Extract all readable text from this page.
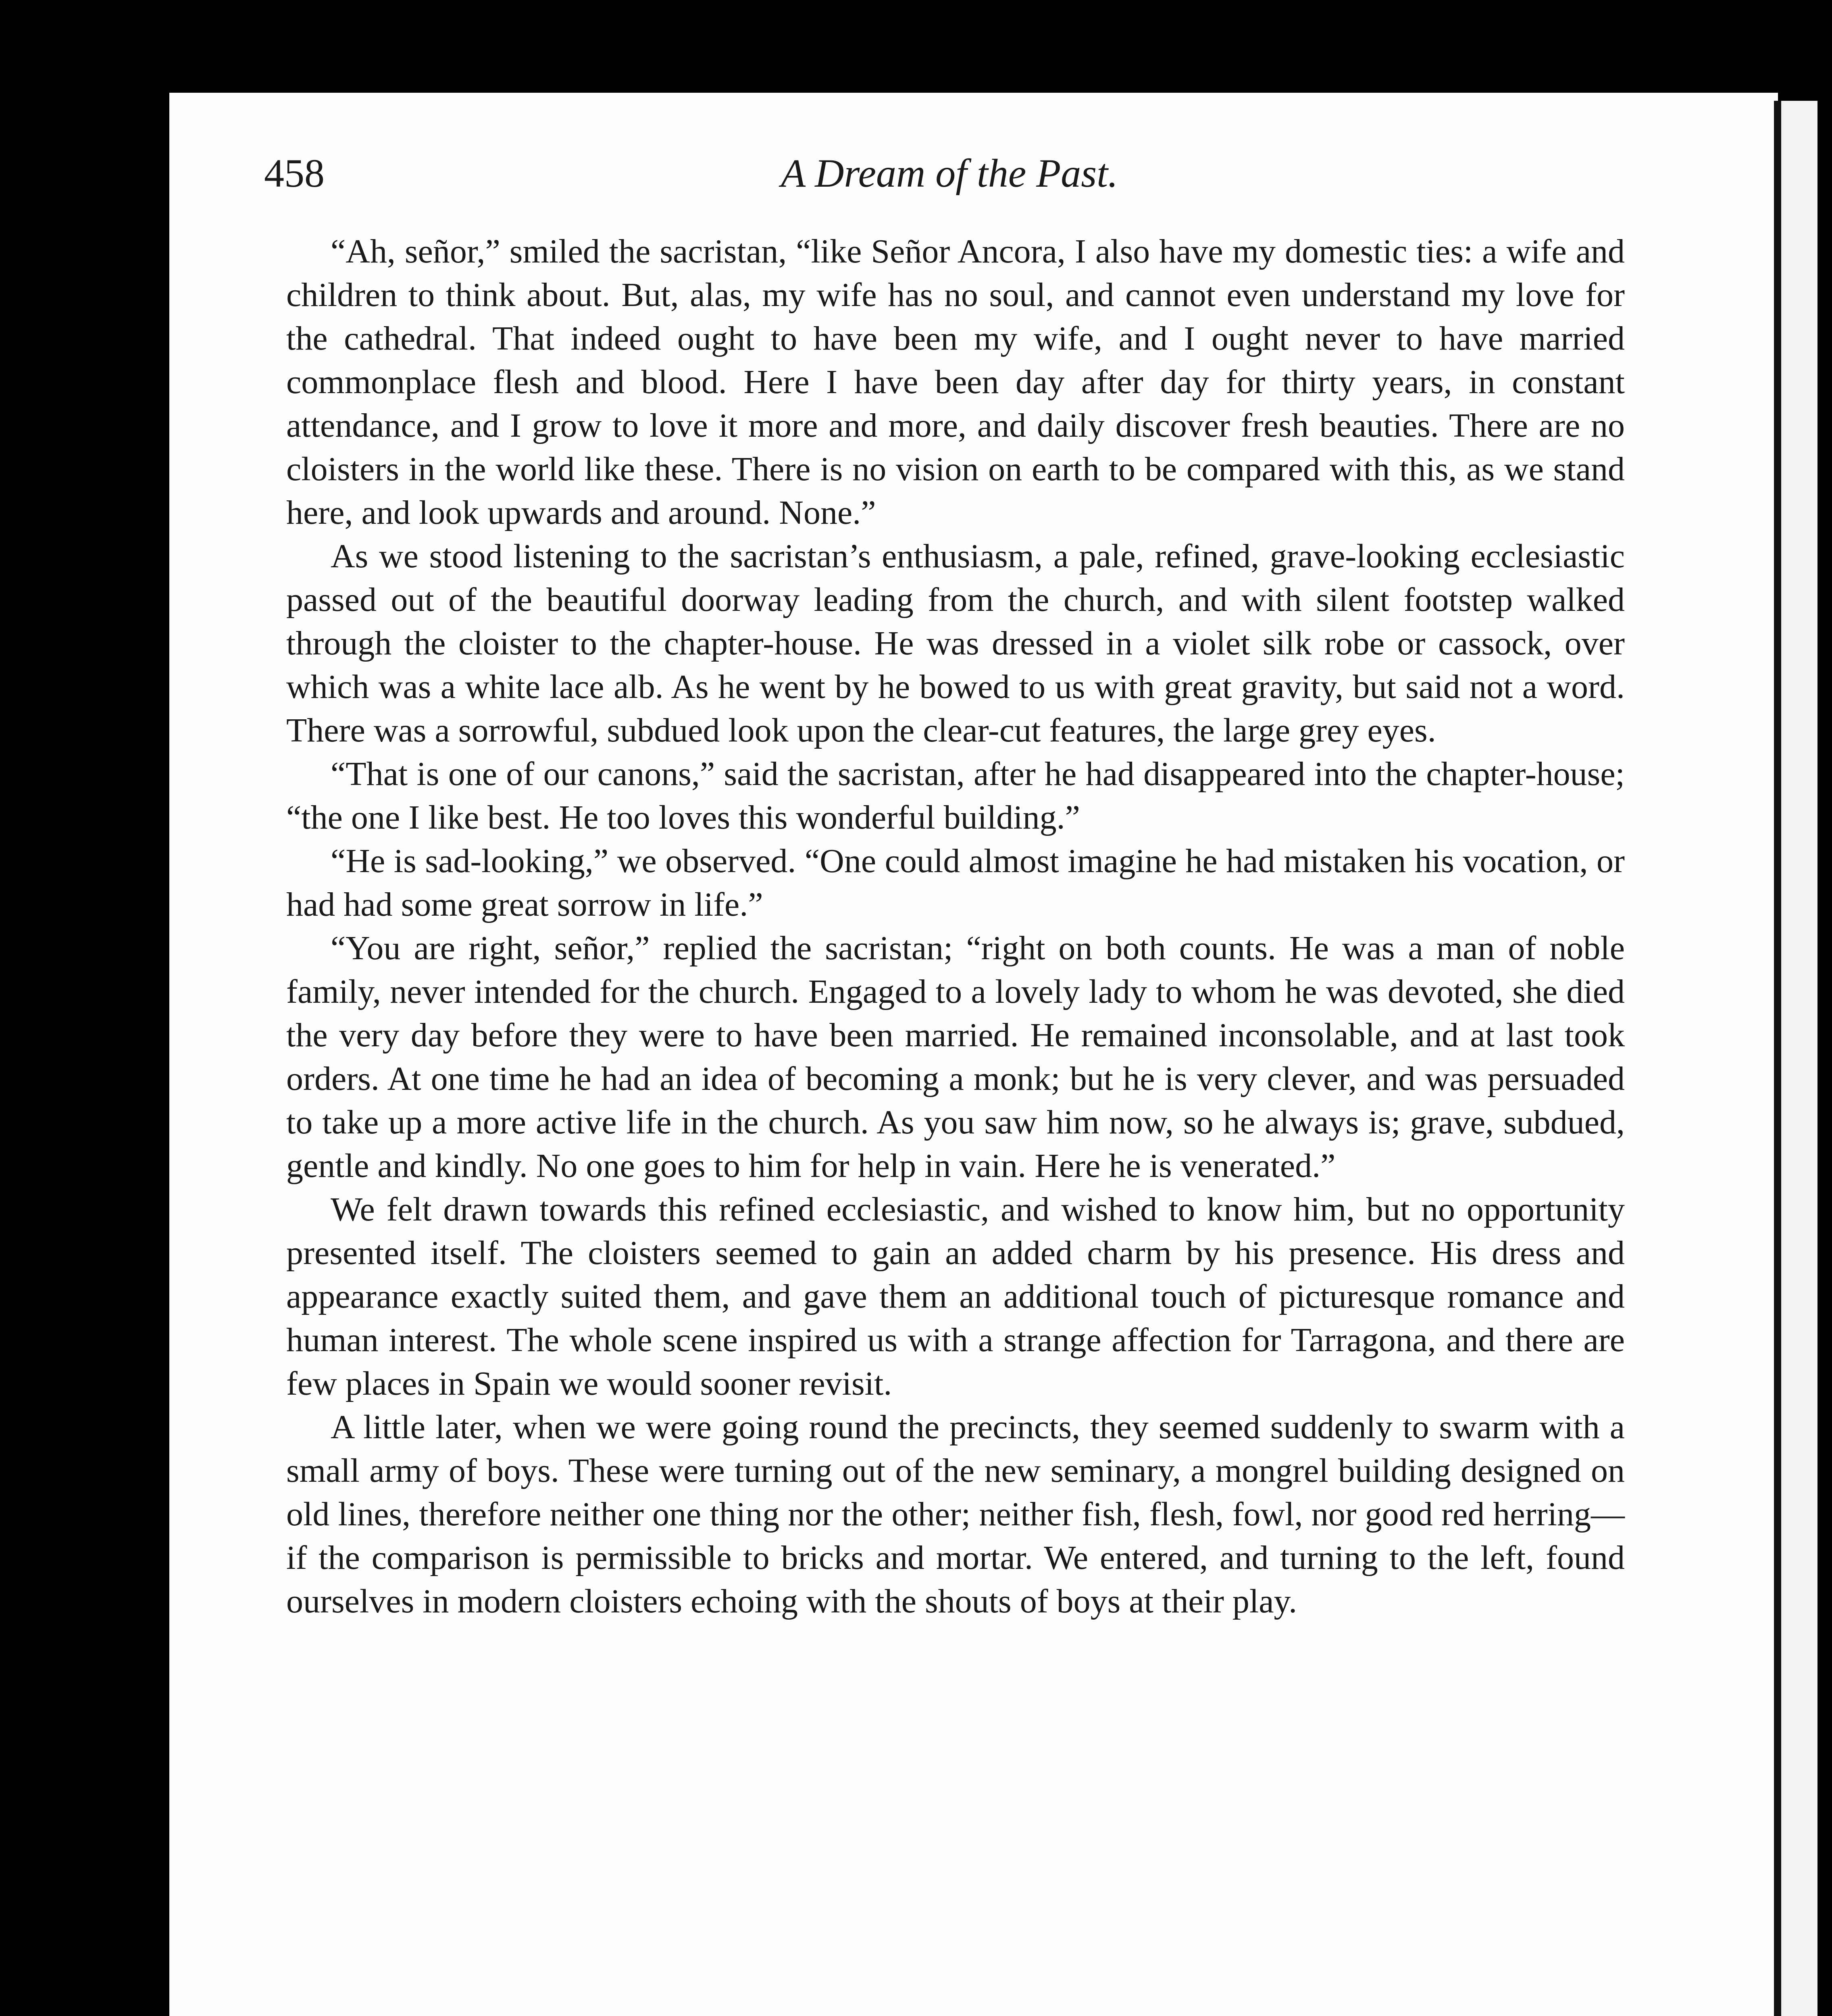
458	A Dream of the Past.

“Ah, señor,” smiled the sacristan, “like Señor Ancora, I also have my domestic ties: a wife and children to think about. But, alas, my wife has no soul, and cannot even understand my love for the cathedral. That indeed ought to have been my wife, and I ought never to have married commonplace flesh and blood. Here I have been day after day for thirty years, in constant attendance, and I grow to love it more and more, and daily discover fresh beauties. There are no cloisters in the world like these. There is no vision on earth to be compared with this, as we stand here, and look upwards and around. None.”

As we stood listening to the sacristan’s enthusiasm, a pale, refined, grave-looking ecclesiastic passed out of the beautiful doorway leading from the church, and with silent footstep walked through the cloister to the chapter-house. He was dressed in a violet silk robe or cassock, over which was a white lace alb. As he went by he bowed to us with great gravity, but said not a word. There was a sorrowful, subdued look upon the clear-cut features, the large grey eyes.

“That is one of our canons,” said the sacristan, after he had disappeared into the chapter-house; “the one I like best. He too loves this wonderful building.”

“He is sad-looking,” we observed. “One could almost imagine he had mistaken his vocation, or had had some great sorrow in life.”

“You are right, señor,” replied the sacristan; “right on both counts. He was a man of noble family, never intended for the church. Engaged to a lovely lady to whom he was devoted, she died the very day before they were to have been married. He remained inconsolable, and at last took orders. At one time he had an idea of becoming a monk; but he is very clever, and was persuaded to take up a more active life in the church. As you saw him now, so he always is; grave, subdued, gentle and kindly. No one goes to him for help in vain. Here he is venerated.”

We felt drawn towards this refined ecclesiastic, and wished to know him, but no opportunity presented itself. The cloisters seemed to gain an added charm by his presence. His dress and appearance exactly suited them, and gave them an additional touch of picturesque romance and human interest. The whole scene inspired us with a strange affection for Tarragona, and there are few places in Spain we would sooner revisit.

A little later, when we were going round the precincts, they seemed suddenly to swarm with a small army of boys. These were turning out of the new seminary, a mongrel building designed on old lines, therefore neither one thing nor the other; neither fish, flesh, fowl, nor good red herring—if the comparison is permissible to bricks and mortar. We entered, and turning to the left, found ourselves in modern cloisters echoing with the shouts of boys at their play.
